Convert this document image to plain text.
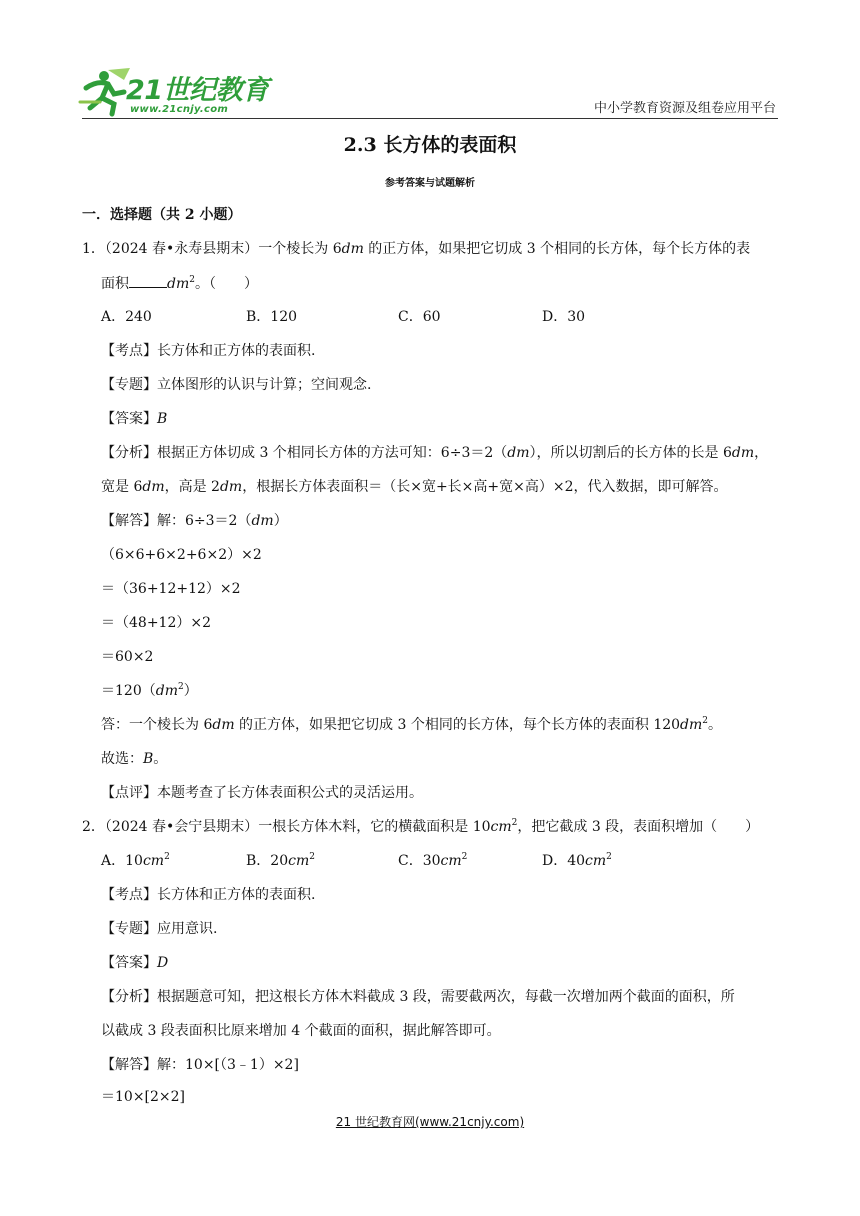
21世纪教育
www.21cnjy.com	中小学教育资源及组卷应用平台
2.3 长方体的表面积
参考答案与试题解析
一．选择题（共 2 小题）
1．（2024 春•永寿县期末）一个棱长为 6dm 的正方体，如果把它切成 3 个相同的长方体，每个长方体的表
面积	$dm^2$。（　　）
A．240	B．120	C．60	D．30
【考点】长方体和正方体的表面积.
【专题】立体图形的认识与计算；空间观念.
【答案】B
【分析】根据正方体切成 3 个相同长方体的方法可知：6÷3＝2（dm），所以切割后的长方体的长是 6dm，
宽是 6dm，高是 2dm，根据长方体表面积＝（长×宽+长×高+宽×高）×2，代入数据，即可解答。
【解答】解：6÷3＝2（dm）
（6×6+6×2+6×2）×2
＝（36+12+12）×2
＝（48+12）×2
＝60×2
$=120(dm^2)$
答：一个棱长为 6dm 的正方体，如果把它切成 3 个相同的长方体，每个长方体的表面积 $120dm^2$。
故选：B。
【点评】本题考查了长方体表面积公式的灵活运用。
2．（2024 春•会宁县期末）一根长方体木料，它的横截面积是 $10cm^2$，把它截成 3 段，表面积增加（　　）
A．$10cm^2$	B．$20cm^2$	C．$30cm^2$	D．$40cm^2$
【考点】长方体和正方体的表面积.
【专题】应用意识.
【答案】D
【分析】根据题意可知，把这根长方体木料截成 3 段，需要截两次，每截一次增加两个截面的面积，所
以截成 3 段表面积比原来增加 4 个截面的面积，据此解答即可。
【解答】解：10×[（3﹣1）×2]
＝10×[2×2]
21 世纪教育网(www.21cnjy.com)
